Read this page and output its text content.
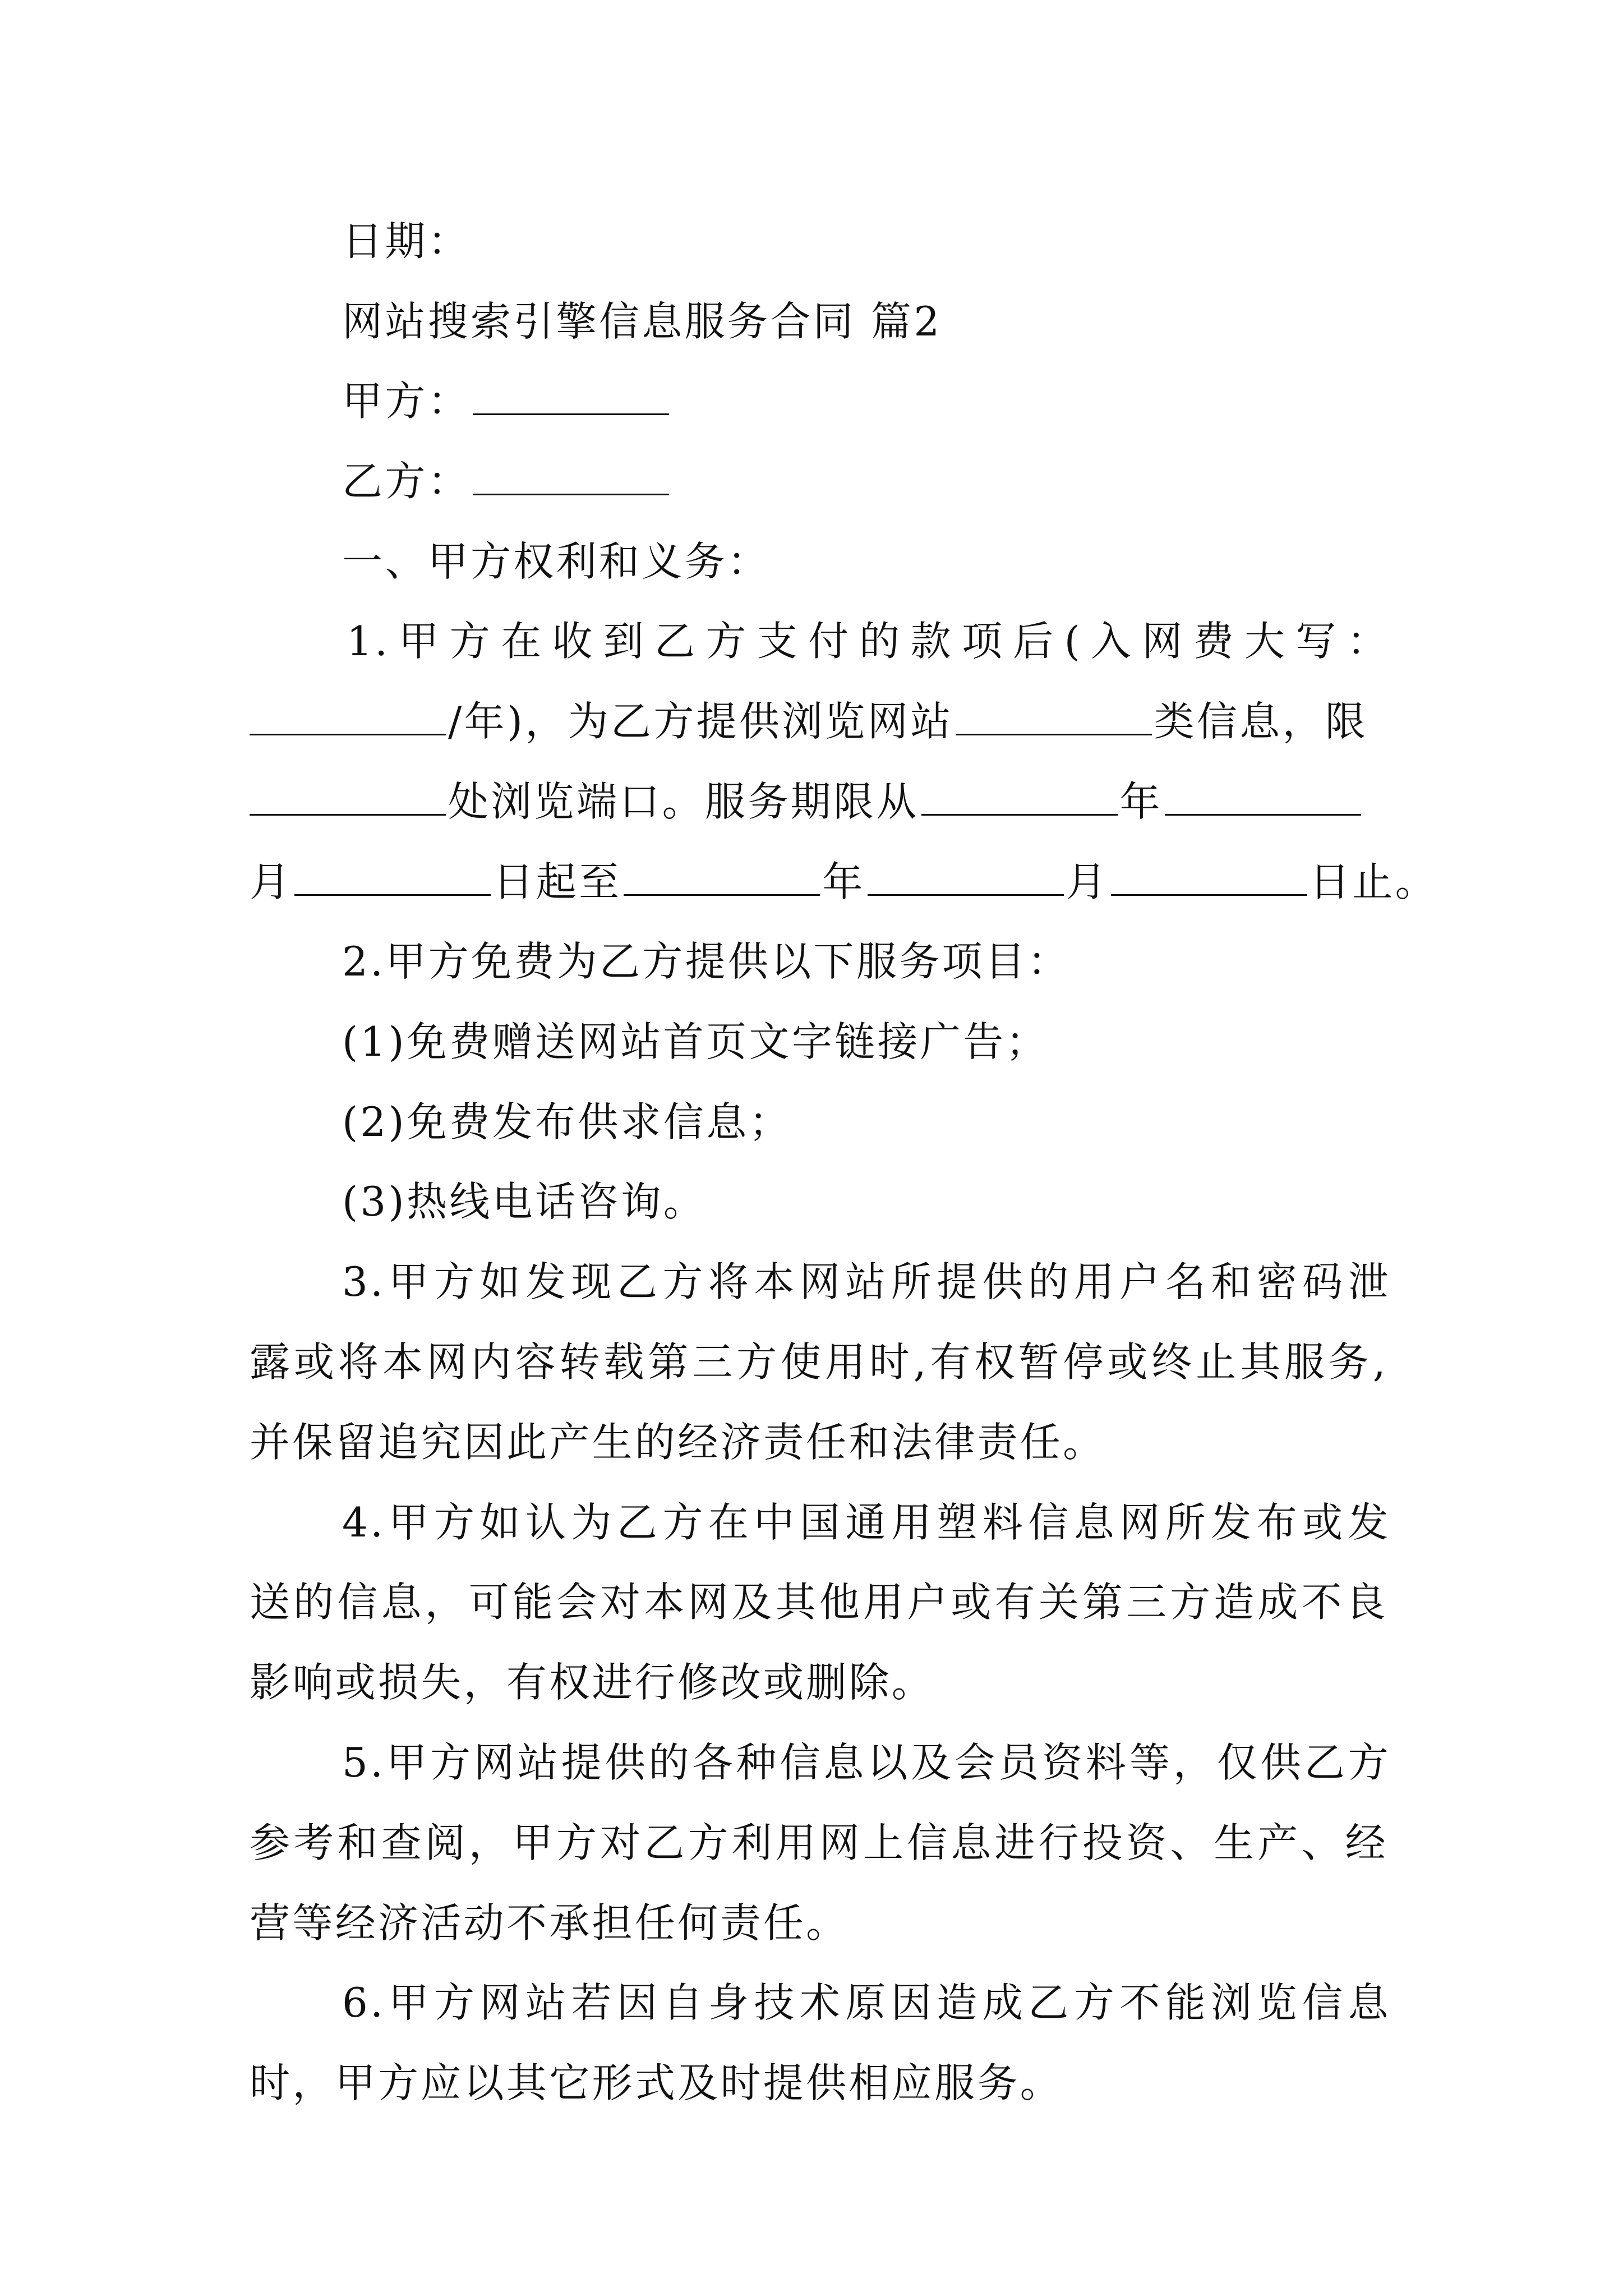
日期：
网站搜索引擎信息服务合同 篇2
甲方：
乙方：
一、甲方权利和义务：
1.甲方在收到乙方支付的款项后(入网费大写：
/年)，为乙方提供浏览网站	类信息，限
处浏览端口。服务期限从	年
月	日起至	年	月	日止。
2.甲方免费为乙方提供以下服务项目：
(1)免费赠送网站首页文字链接广告；
(2)免费发布供求信息；
(3)热线电话咨询。
3.甲方如发现乙方将本网站所提供的用户名和密码泄
露或将本网内容转载第三方使用时,有权暂停或终止其服务,
并保留追究因此产生的经济责任和法律责任。
4.甲方如认为乙方在中国通用塑料信息网所发布或发
送的信息，可能会对本网及其他用户或有关第三方造成不良
影响或损失，有权进行修改或删除。
5.甲方网站提供的各种信息以及会员资料等，仅供乙方
参考和查阅，甲方对乙方利用网上信息进行投资、生产、经
营等经济活动不承担任何责任。
6.甲方网站若因自身技术原因造成乙方不能浏览信息
时，甲方应以其它形式及时提供相应服务。
